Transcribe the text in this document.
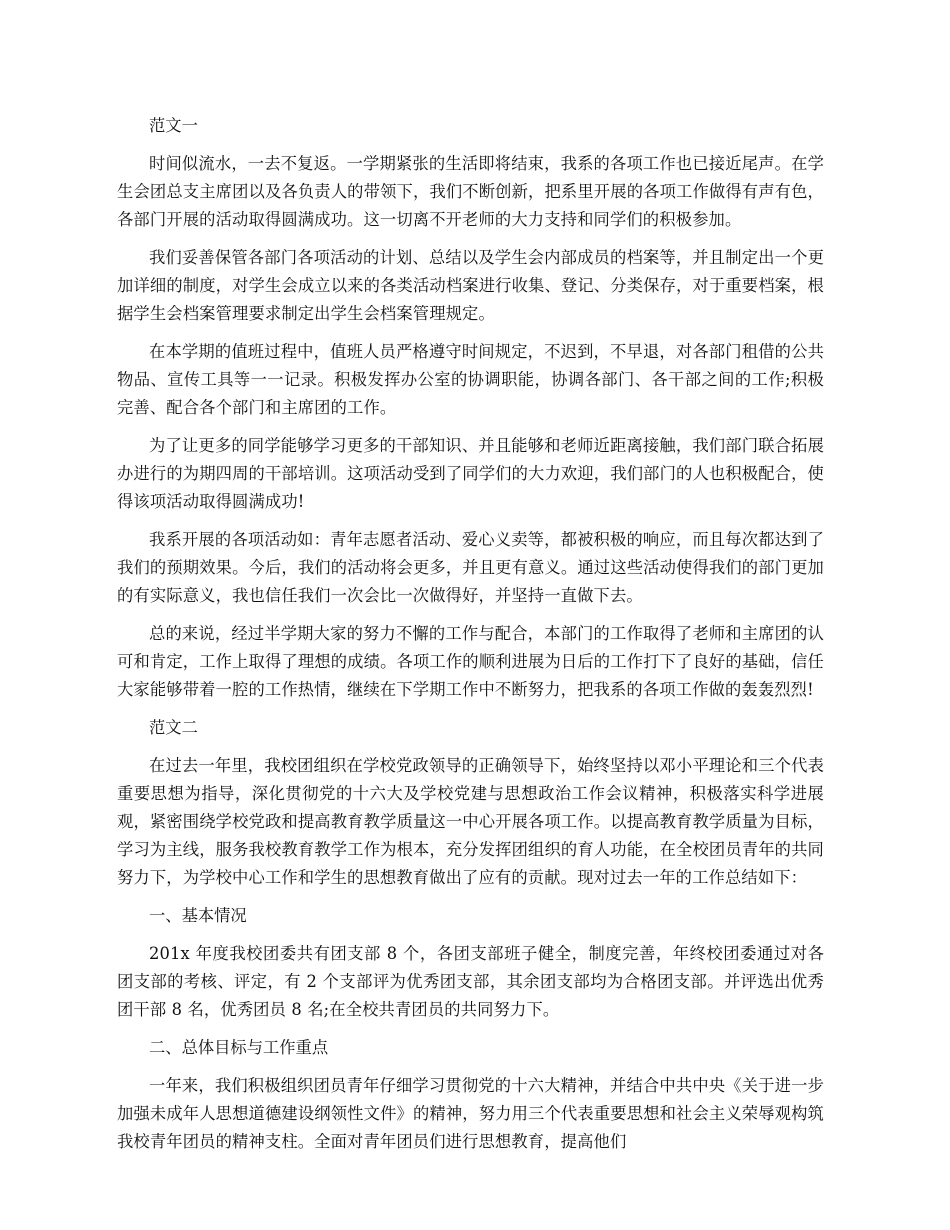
范文一

时间似流水，一去不复返。一学期紧张的生活即将结束，我系的各项工作也已接近尾声。在学生会团总支主席团以及各负责人的带领下，我们不断创新，把系里开展的各项工作做得有声有色，各部门开展的活动取得圆满成功。这一切离不开老师的大力支持和同学们的积极参加。

我们妥善保管各部门各项活动的计划、总结以及学生会内部成员的档案等，并且制定出一个更加详细的制度，对学生会成立以来的各类活动档案进行收集、登记、分类保存，对于重要档案，根据学生会档案管理要求制定出学生会档案管理规定。

在本学期的值班过程中，值班人员严格遵守时间规定，不迟到，不早退，对各部门租借的公共物品、宣传工具等一一记录。积极发挥办公室的协调职能，协调各部门、各干部之间的工作;积极完善、配合各个部门和主席团的工作。

为了让更多的同学能够学习更多的干部知识、并且能够和老师近距离接触，我们部门联合拓展办进行的为期四周的干部培训。这项活动受到了同学们的大力欢迎，我们部门的人也积极配合，使得该项活动取得圆满成功!

我系开展的各项活动如：青年志愿者活动、爱心义卖等，都被积极的响应，而且每次都达到了我们的预期效果。今后，我们的活动将会更多，并且更有意义。通过这些活动使得我们的部门更加的有实际意义，我也信任我们一次会比一次做得好，并坚持一直做下去。

总的来说，经过半学期大家的努力不懈的工作与配合，本部门的工作取得了老师和主席团的认可和肯定，工作上取得了理想的成绩。各项工作的顺利进展为日后的工作打下了良好的基础，信任大家能够带着一腔的工作热情，继续在下学期工作中不断努力，把我系的各项工作做的轰轰烈烈!

范文二

在过去一年里，我校团组织在学校党政领导的正确领导下，始终坚持以邓小平理论和三个代表重要思想为指导，深化贯彻党的十六大及学校党建与思想政治工作会议精神，积极落实科学进展观，紧密围绕学校党政和提高教育教学质量这一中心开展各项工作。以提高教育教学质量为目标，学习为主线，服务我校教育教学工作为根本，充分发挥团组织的育人功能，在全校团员青年的共同努力下，为学校中心工作和学生的思想教育做出了应有的贡献。现对过去一年的工作总结如下：

一、基本情况

201x 年度我校团委共有团支部 8 个，各团支部班子健全，制度完善，年终校团委通过对各团支部的考核、评定，有 2 个支部评为优秀团支部，其余团支部均为合格团支部。并评选出优秀团干部 8 名，优秀团员 8 名;在全校共青团员的共同努力下。

二、总体目标与工作重点

一年来，我们积极组织团员青年仔细学习贯彻党的十六大精神，并结合中共中央《关于进一步加强未成年人思想道德建设纲领性文件》的精神，努力用三个代表重要思想和社会主义荣辱观构筑我校青年团员的精神支柱。全面对青年团员们进行思想教育，提高他们
